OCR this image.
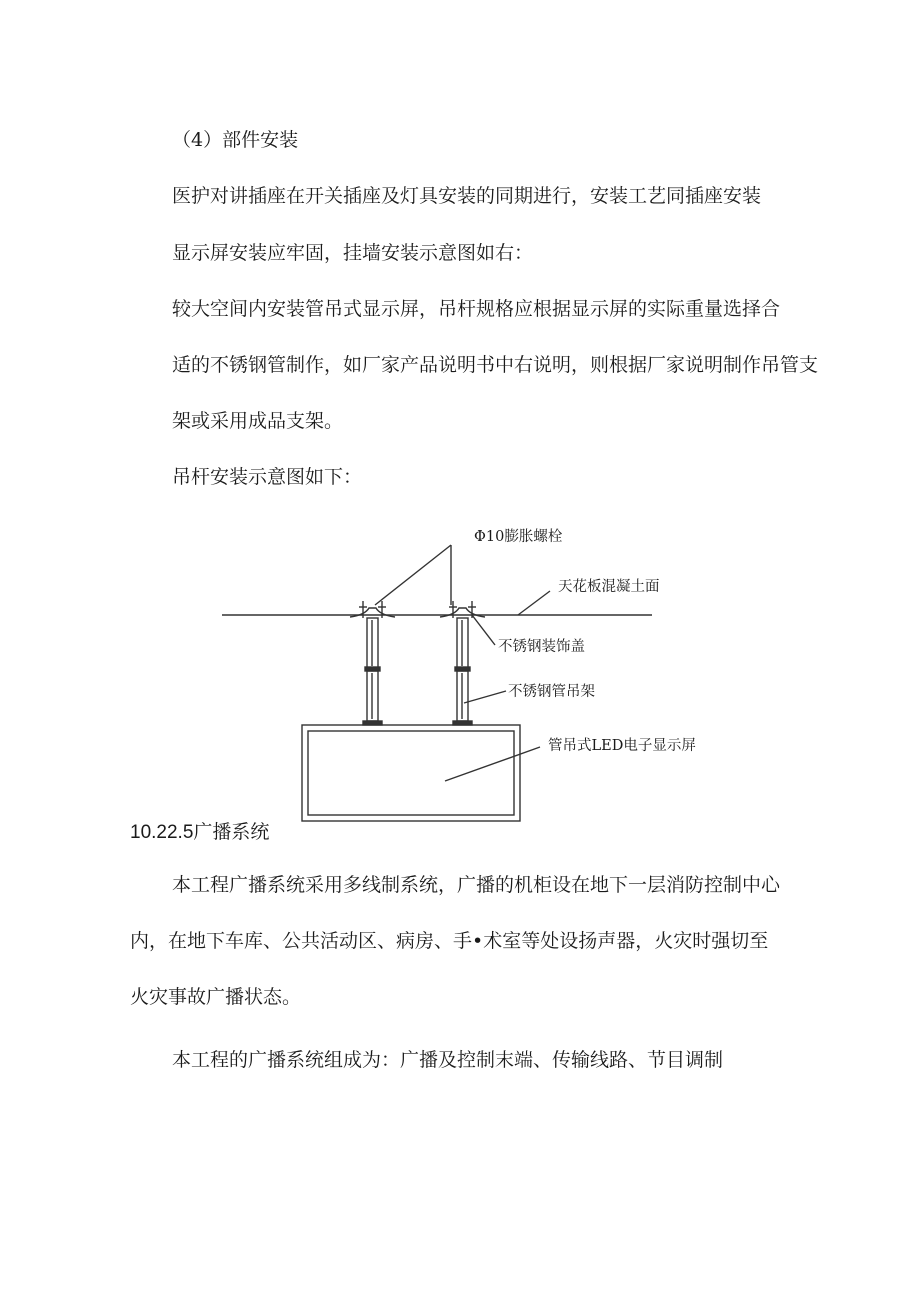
（4）部件安装

医护对讲插座在开关插座及灯具安装的同期进行，安装工艺同插座安装

显示屏安装应牢固，挂墙安装示意图如右：

较大空间内安装管吊式显示屏，吊杆规格应根据显示屏的实际重量选择合

适的不锈钢管制作，如厂家产品说明书中右说明，则根据厂家说明制作吊管支

架或采用成品支架。

吊杆安装示意图如下：

Φ10膨胀螺栓
天花板混凝土面
不锈钢装饰盖
不锈钢管吊架
管吊式LED电子显示屏

10.22.5广播系统

本工程广播系统采用多线制系统，广播的机柜设在地下一层消防控制中心

内，在地下车库、公共活动区、病房、手•术室等处设扬声器，火灾时强切至

火灾事故广播状态。

本工程的广播系统组成为：广播及控制末端、传输线路、节目调制
